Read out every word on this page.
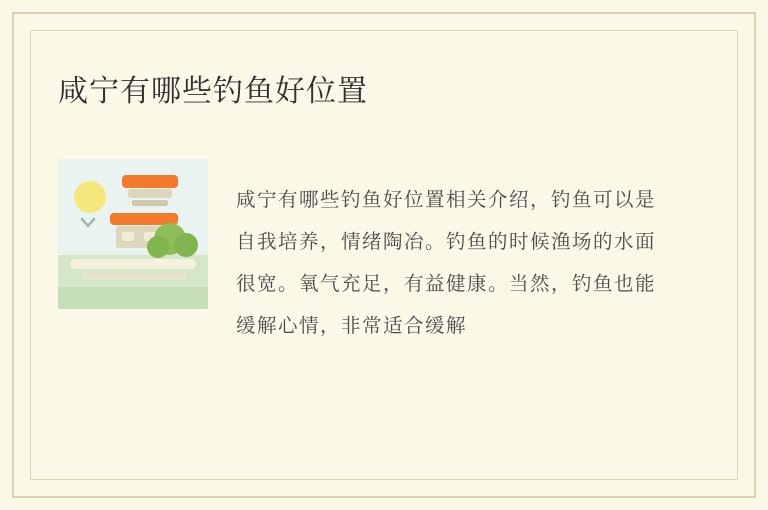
咸宁有哪些钓鱼好位置

咸宁有哪些钓鱼好位置相关介绍，钓鱼可以是自我培养，情绪陶冶。钓鱼的时候渔场的水面很宽。氧气充足，有益健康。当然，钓鱼也能缓解心情，非常适合缓解
